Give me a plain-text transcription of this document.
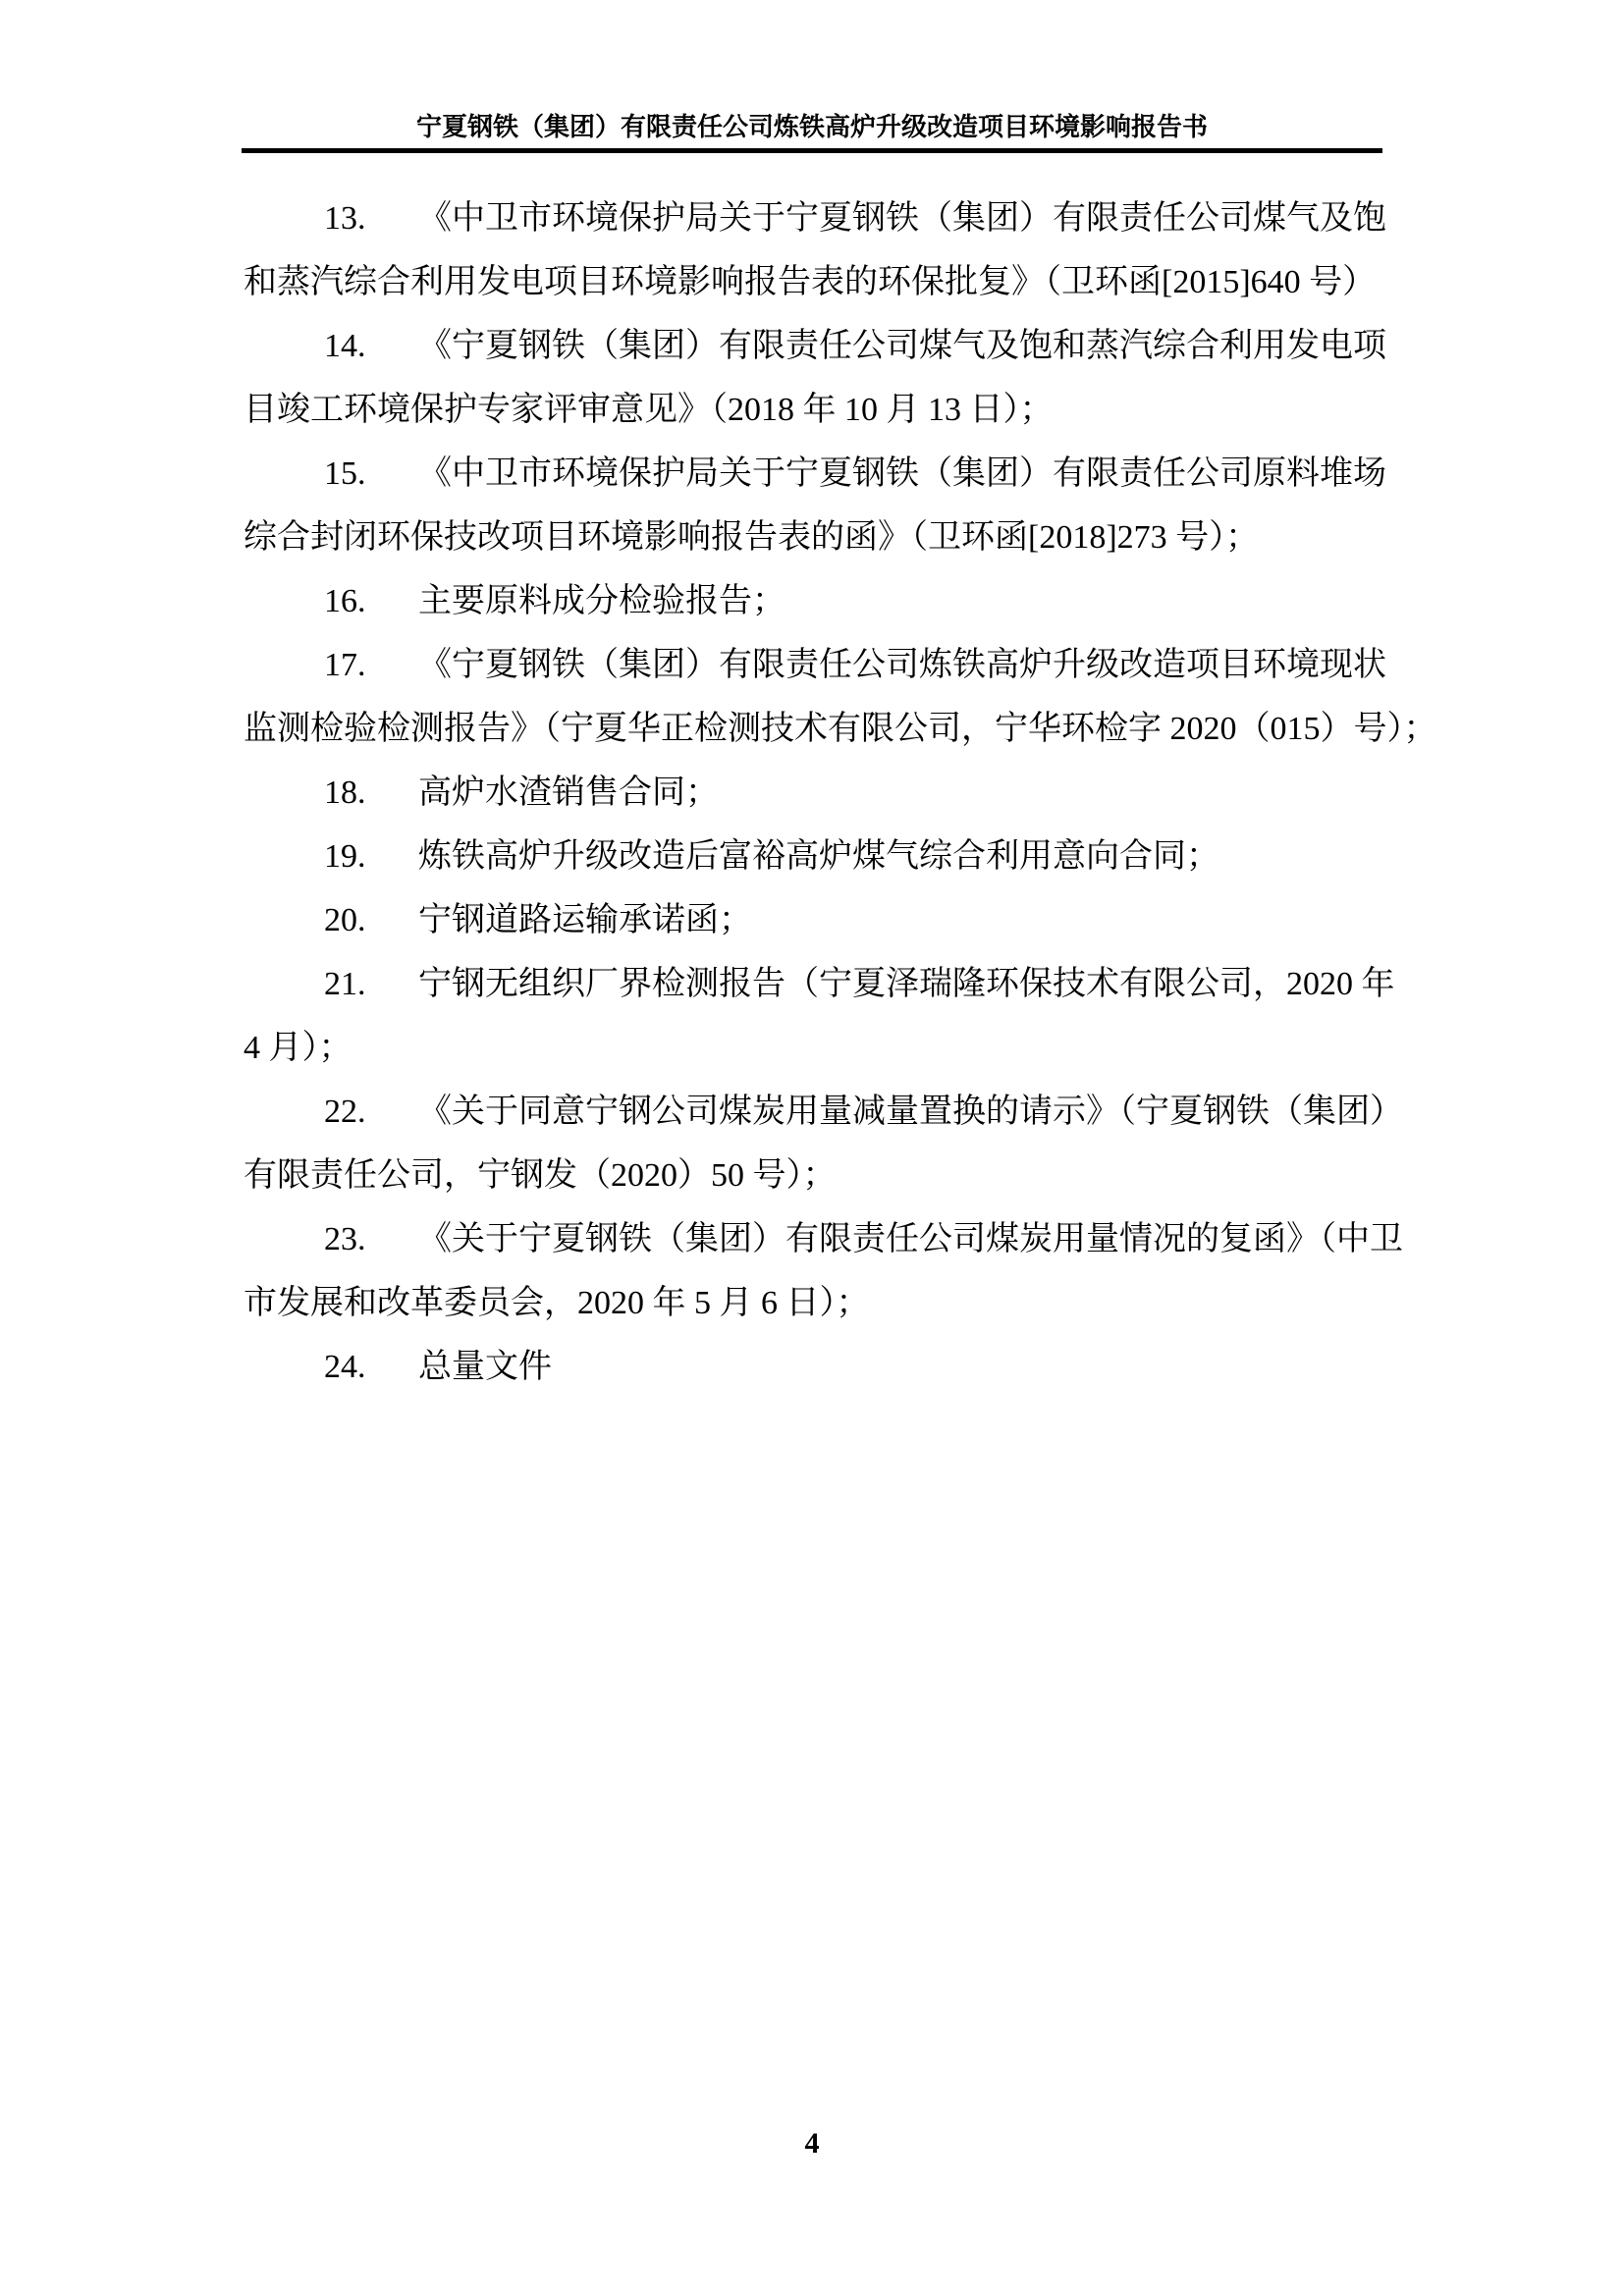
宁夏钢铁（集团）有限责任公司炼铁高炉升级改造项目环境影响报告书
13. 《中卫市环境保护局关于宁夏钢铁（集团）有限责任公司煤气及饱
和蒸汽综合利用发电项目环境影响报告表的环保批复》（卫环函[2015]640 号）
14. 《宁夏钢铁（集团）有限责任公司煤气及饱和蒸汽综合利用发电项
目竣工环境保护专家评审意见》（2018 年 10 月 13 日）；
15. 《中卫市环境保护局关于宁夏钢铁（集团）有限责任公司原料堆场
综合封闭环保技改项目环境影响报告表的函》（卫环函[2018]273 号）；
16. 主要原料成分检验报告；
17. 《宁夏钢铁（集团）有限责任公司炼铁高炉升级改造项目环境现状
监测检验检测报告》（宁夏华正检测技术有限公司，宁华环检字 2020（015）号）；
18. 高炉水渣销售合同；
19. 炼铁高炉升级改造后富裕高炉煤气综合利用意向合同；
20. 宁钢道路运输承诺函；
21. 宁钢无组织厂界检测报告（宁夏泽瑞隆环保技术有限公司，2020 年
4 月）；
22. 《关于同意宁钢公司煤炭用量减量置换的请示》（宁夏钢铁（集团）
有限责任公司，宁钢发（2020）50 号）；
23. 《关于宁夏钢铁（集团）有限责任公司煤炭用量情况的复函》（中卫
市发展和改革委员会，2020 年 5 月 6 日）；
24. 总量文件
4
